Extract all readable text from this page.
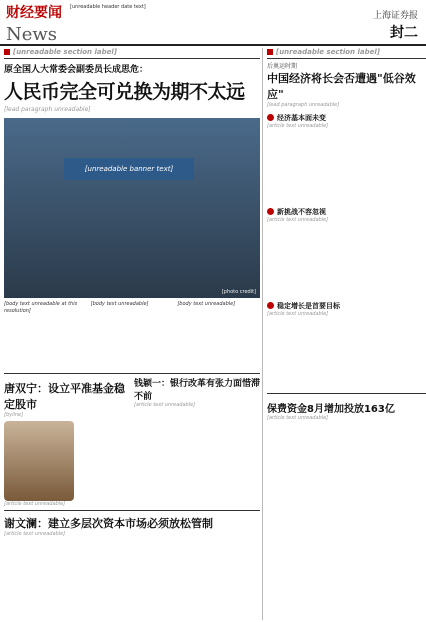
财经要闻
News
[unreadable header date text]
上海证券报
封二
[unreadable section label]
原全国人大常委会副委员长成思危：
人民币完全可兑换为期不太远
[lead paragraph unreadable]
[unreadable banner text]
[photo credit]
[body text unreadable at this resolution]
[body text unreadable]	[body text unreadable]
唐双宁：设立平准基金稳定股市
[byline]
[article text unreadable]
钱颖一：银行改革有张力面惜滞不前
[article text unreadable]
谢文澜：建立多层次资本市场必须放松管制
[article text unreadable]
[unreadable section label]
后奥运时期
中国经济将长会否遭遇"低谷效应"
[lead paragraph unreadable]
经济基本面未变
[article text unreadable]
新挑战不容忽视
[article text unreadable]
稳定增长是首要目标
[article text unreadable]
保费资金8月增加投放163亿
[article text unreadable]
